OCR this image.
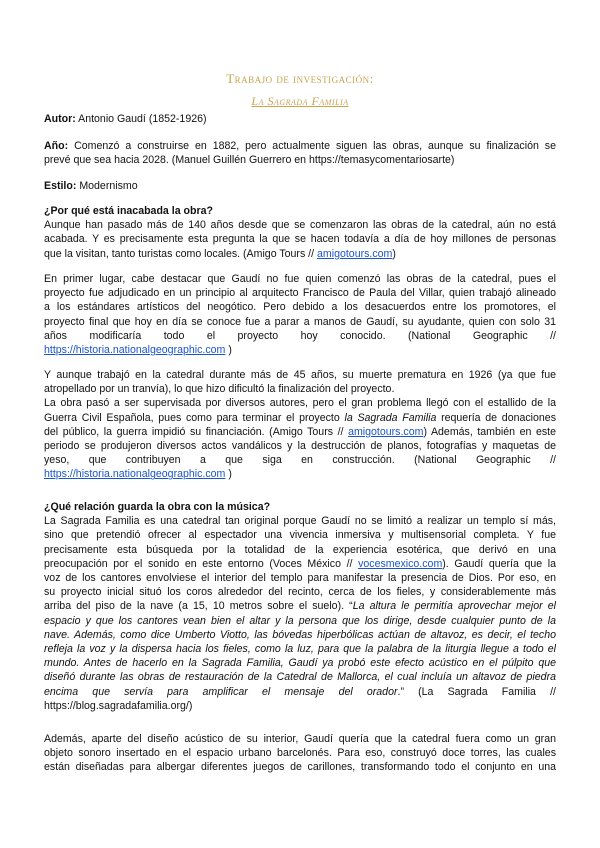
Trabajo de investigación:
La Sagrada Familia
Autor: Antonio Gaudí (1852-1926)
Año: Comenzó a construirse en 1882, pero actualmente siguen las obras, aunque su finalización se
prevé que sea hacia 2028. (Manuel Guillén Guerrero en https://temasycomentariosarte)
Estilo: Modernismo
¿Por qué está inacabada la obra?
Aunque han pasado más de 140 años desde que se comenzaron las obras de la catedral, aún no está
acabada. Y es precisamente esta pregunta la que se hacen todavía a día de hoy millones de personas
que la visitan, tanto turistas como locales. (Amigo Tours // amigotours.com)
En primer lugar, cabe destacar que Gaudí no fue quien comenzó las obras de la catedral, pues el
proyecto fue adjudicado en un principio al arquitecto Francisco de Paula del Villar, quien trabajó alineado
a los estándares artísticos del neogótico. Pero debido a los desacuerdos entre los promotores, el
proyecto final que hoy en día se conoce fue a parar a manos de Gaudí, su ayudante, quien con solo 31
años modificaría todo el proyecto hoy conocido. (National Geographic //
https://historia.nationalgeographic.com )
Y aunque trabajó en la catedral durante más de 45 años, su muerte prematura en 1926 (ya que fue
atropellado por un tranvía), lo que hizo dificultó la finalización del proyecto.
La obra pasó a ser supervisada por diversos autores, pero el gran problema llegó con el estallido de la
Guerra Civil Española, pues como para terminar el proyecto la Sagrada Familia requería de donaciones
del público, la guerra impidió su financiación. (Amigo Tours // amigotours.com) Además, también en este
periodo se produjeron diversos actos vandálicos y la destrucción de planos, fotografías y maquetas de
yeso, que contribuyen a que siga en construcción. (National Geographic //
https://historia.nationalgeographic.com )
¿Qué relación guarda la obra con la música?
La Sagrada Familia es una catedral tan original porque Gaudí no se limitó a realizar un templo sí más,
sino que pretendió ofrecer al espectador una vivencia inmersiva y multisensorial completa. Y fue
precisamente esta búsqueda por la totalidad de la experiencia esotérica, que derivó en una
preocupación por el sonido en este entorno (Voces México // vocesmexico.com). Gaudí quería que la
voz de los cantores envolviese el interior del templo para manifestar la presencia de Dios. Por eso, en
su proyecto inicial situó los coros alrededor del recinto, cerca de los fieles, y considerablemente más
arriba del piso de la nave (a 15, 10 metros sobre el suelo). “La altura le permitía aprovechar mejor el
espacio y que los cantores vean bien el altar y la persona que los dirige, desde cualquier punto de la
nave. Además, como dice Umberto Viotto, las bóvedas hiperbólicas actúan de altavoz, es decir, el techo
refleja la voz y la dispersa hacia los fieles, como la luz, para que la palabra de la liturgia llegue a todo el
mundo. Antes de hacerlo en la Sagrada Familia, Gaudí ya probó este efecto acústico en el púlpito que
diseñó durante las obras de restauración de la Catedral de Mallorca, el cual incluía un altavoz de piedra
encima que servía para amplificar el mensaje del orador.” (La Sagrada Familia //
https://blog.sagradafamilia.org/)
Además, aparte del diseño acústico de su interior, Gaudí quería que la catedral fuera como un gran
objeto sonoro insertado en el espacio urbano barcelonés. Para eso, construyó doce torres, las cuales
están diseñadas para albergar diferentes juegos de carillones, transformando todo el conjunto en una
